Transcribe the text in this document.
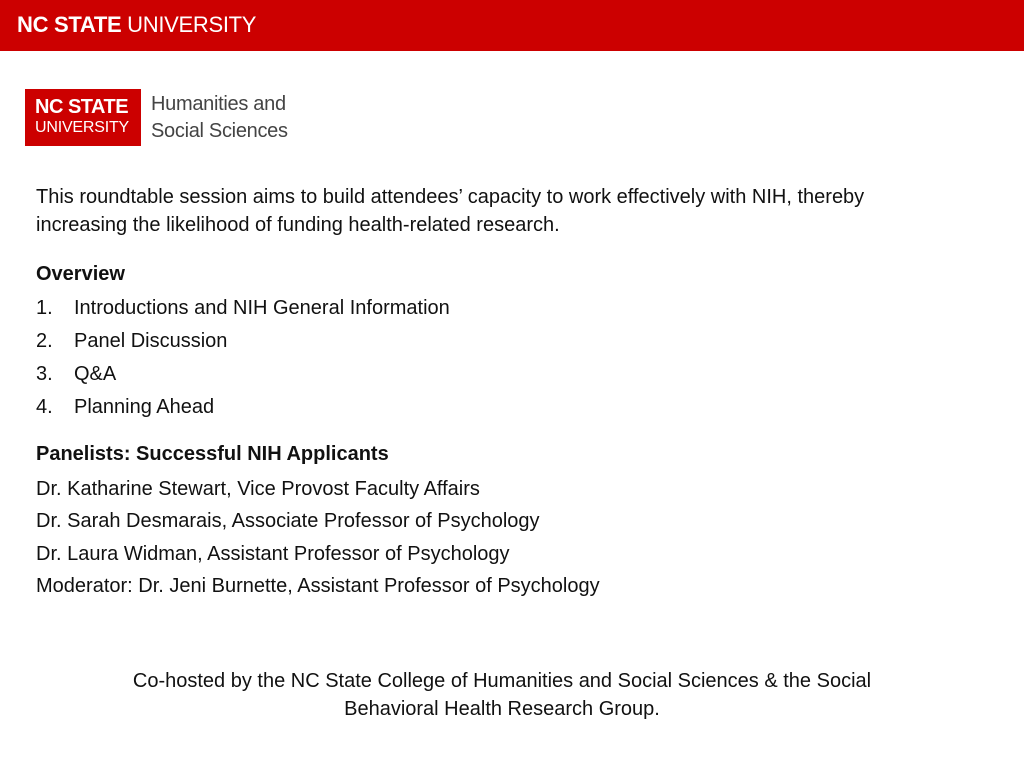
NC STATE UNIVERSITY
NC STATE
UNIVERSITY
Humanities and
Social Sciences

This roundtable session aims to build attendees’ capacity to work effectively with NIH, thereby increasing the likelihood of funding health-related research.

Overview
1.	Introductions and NIH General Information
2.	Panel Discussion
3.	Q&A
4.	Planning Ahead
Panelists: Successful NIH Applicants
Dr. Katharine Stewart, Vice Provost Faculty Affairs
Dr. Sarah Desmarais, Associate Professor of Psychology
Dr. Laura Widman, Assistant Professor of Psychology
Moderator: Dr. Jeni Burnette, Assistant Professor of Psychology

Co-hosted by the NC State College of Humanities and Social Sciences & the Social
Behavioral Health Research Group.
